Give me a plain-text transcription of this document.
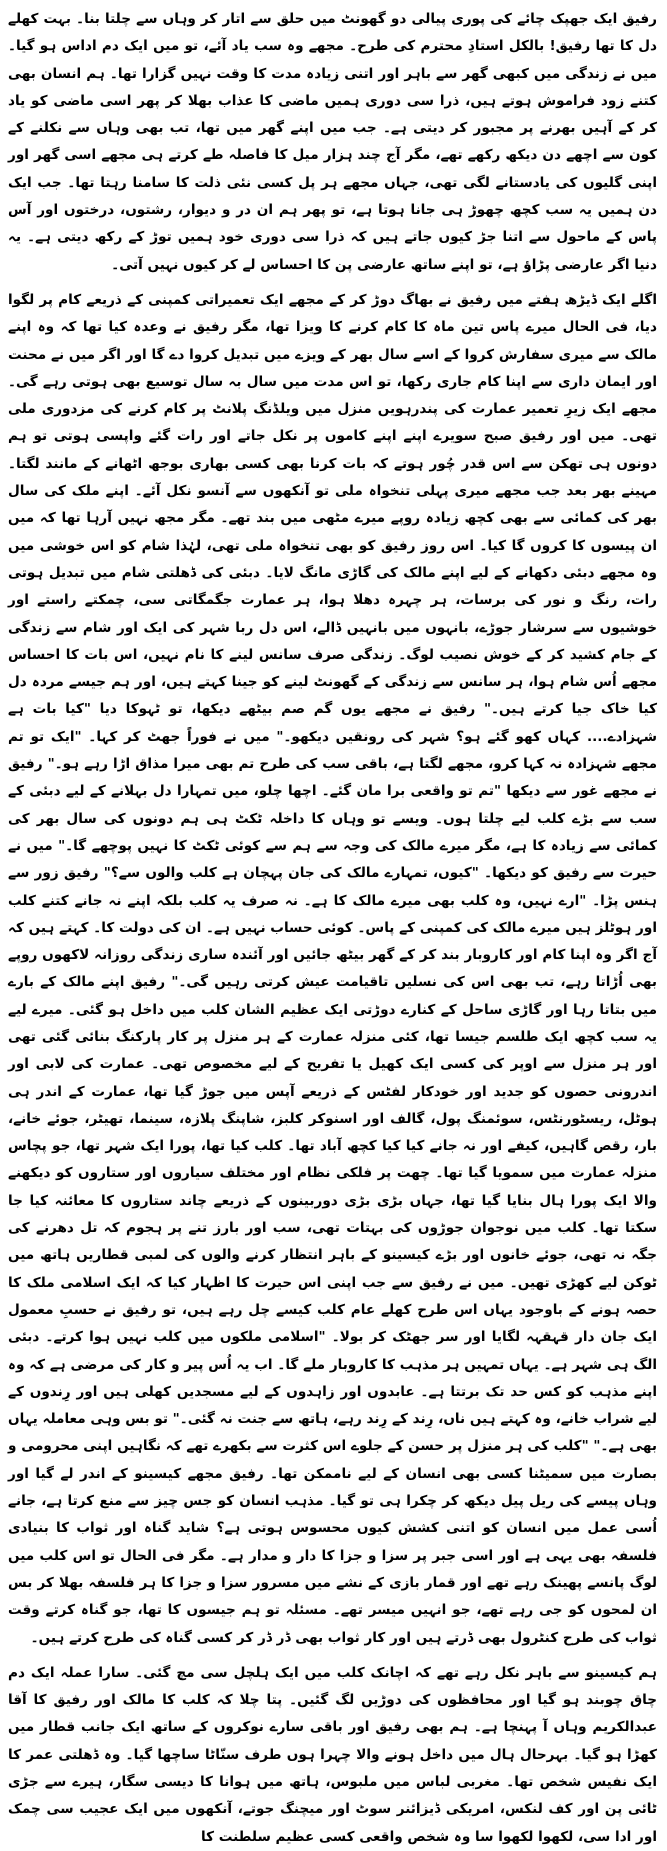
رفیق ایک جھپک چائے کی پوری پیالی دو گھونٹ میں حلق سے اتار کر وہاں سے چلتا بنا۔ بہت کھلے دل کا تھا رفیق! بالکل استادِ محترم کی طرح۔ مجھے وہ سب یاد آئے، تو میں ایک دم اداس ہو گیا۔ میں نے زندگی میں کبھی گھر سے باہر اور اتنی زیادہ مدت کا وقت نہیں گزارا تھا۔ ہم انسان بھی کتنے زود فراموش ہوتے ہیں، ذرا سی دوری ہمیں ماضی کا عذاب بھلا کر پھر اسی ماضی کو یاد کر کے آہیں بھرنے پر مجبور کر دیتی ہے۔ جب میں اپنے گھر میں تھا، تب بھی وہاں سے نکلنے کے کون سے اچھے دن دیکھ رکھے تھے، مگر آج چند ہزار میل کا فاصلہ طے کرتے ہی مجھے اسی گھر اور اپنی گلیوں کی یادستانے لگی تھی، جہاں مجھے ہر پل کسی نئی ذلت کا سامنا رہتا تھا۔ جب ایک دن ہمیں یہ سب کچھ چھوڑ ہی جانا ہوتا ہے، تو پھر ہم ان در و دیوار، رشتوں، درختوں اور آس پاس کے ماحول سے اتنا جڑ کیوں جاتے ہیں کہ ذرا سی دوری خود ہمیں توڑ کے رکھ دیتی ہے۔ یہ دنیا اگر عارضی پڑاؤ ہے، تو اپنے ساتھ عارضی پن کا احساس لے کر کیوں نہیں آتی۔

اگلے ایک ڈیڑھ ہفتے میں رفیق نے بھاگ دوڑ کر کے مجھے ایک تعمیراتی کمپنی کے ذریعے کام پر لگوا دیا، فی الحال میرے پاس تین ماہ کا کام کرنے کا ویزا تھا، مگر رفیق نے وعدہ کیا تھا کہ وہ اپنے مالک سے میری سفارش کروا کے اسے سال بھر کے ویزے میں تبدیل کروا دے گا اور اگر میں نے محنت اور ایمان داری سے اپنا کام جاری رکھا، تو اس مدت میں سال بہ سال توسیع بھی ہوتی رہے گی۔ مجھے ایک زیرِ تعمیر عمارت کی پندرہویں منزل میں ویلڈنگ پلانٹ پر کام کرنے کی مزدوری ملی تھی۔ میں اور رفیق صبح سویرے اپنے اپنے کاموں پر نکل جاتے اور رات گئے واپسی ہوتی تو ہم دونوں ہی تھکن سے اس قدر چُور ہوتے کہ بات کرنا بھی کسی بھاری بوجھ اٹھانے کے مانند لگتا۔ مہینے بھر بعد جب مجھے میری پہلی تنخواہ ملی تو آنکھوں سے آنسو نکل آئے۔ اپنے ملک کی سال بھر کی کمائی سے بھی کچھ زیادہ روپے میرے مٹھی میں بند تھے۔ مگر مجھ نہیں آرہا تھا کہ میں ان پیسوں کا کروں گا کیا۔ اس روز رفیق کو بھی تنخواہ ملی تھی، لہٰذا شام کو اس خوشی میں وہ مجھے دبئی دکھانے کے لیے اپنے مالک کی گاڑی مانگ لایا۔ دبئی کی ڈھلتی شام میں تبدیل ہوتی رات، رنگ و نور کی برسات، ہر چہرہ دھلا ہوا، ہر عمارت جگمگاتی سی، چمکتے راستے اور خوشیوں سے سرشار جوڑے، بانہوں میں بانہیں ڈالے، اس دل ربا شہر کی ایک اور شام سے زندگی کے جام کشید کر کے خوش نصیب لوگ۔ زندگی صرف سانس لینے کا نام نہیں، اس بات کا احساس مجھے اُس شام ہوا، ہر سانس سے زندگی کے گھونٹ لینے کو جینا کہتے ہیں، اور ہم جیسے مردہ دل کیا خاک جیا کرتے ہیں۔" رفیق نے مجھے یوں گم صم بیٹھے دیکھا، تو ٹہوکا دیا "کیا بات ہے شہزادے.... کہاں کھو گئے ہو؟ شہر کی رونقیں دیکھو۔" میں نے فوراً جھٹ کر کہا۔ "ایک تو تم مجھے شہزادہ نہ کہا کرو، مجھے لگتا ہے، باقی سب کی طرح تم بھی میرا مذاق اڑا رہے ہو۔" رفیق نے مجھے غور سے دیکھا "تم تو واقعی برا مان گئے۔ اچھا چلو، میں تمہارا دل بہلانے کے لیے دبئی کے سب سے بڑے کلب لیے چلتا ہوں۔ ویسے تو وہاں کا داخلہ ٹکٹ ہی ہم دونوں کی سال بھر کی کمائی سے زیادہ کا ہے، مگر میرے مالک کی وجہ سے ہم سے کوئی ٹکٹ کا نہیں پوچھے گا۔" میں نے حیرت سے رفیق کو دیکھا۔ "کیوں، تمہارے مالک کی جان پہچان ہے کلب والوں سے؟" رفیق زور سے ہنس پڑا۔ "ارے نہیں، وہ کلب بھی میرے مالک کا ہے۔ نہ صرف یہ کلب بلکہ اپنے نہ جانے کتنے کلب اور ہوٹلز ہیں میرے مالک کی کمپنی کے پاس۔ کوئی حساب نہیں ہے۔ ان کی دولت کا۔ کہتے ہیں کہ آج اگر وہ اپنا کام اور کاروبار بند کر کے گھر بیٹھ جائیں اور آئندہ ساری زندگی روزانہ لاکھوں روپے بھی اُڑاتا رہے، تب بھی اس کی نسلیں تاقیامت عیش کرتی رہیں گی۔" رفیق اپنے مالک کے بارے میں بتاتا رہا اور گاڑی ساحل کے کنارے دوڑتی ایک عظیم الشان کلب میں داخل ہو گئی۔ میرے لیے یہ سب کچھ ایک طلسم جیسا تھا، کئی منزلہ عمارت کے ہر منزل پر کار پارکنگ بنائی گئی تھی اور ہر منزل سے اوپر کی کسی ایک کھیل یا تفریح کے لیے مخصوص تھی۔ عمارت کی لابی اور اندرونی حصوں کو جدید اور خودکار لفٹس کے ذریعے آپس میں جوڑ گیا تھا، عمارت کے اندر ہی ہوٹل، ریسٹورنٹس، سوئمنگ پول، گالف اور اسنوکر کلبز، شاپنگ پلازہ، سینما، تھیٹر، جوئے خانے، بار، رقص گاہیں، کیفے اور نہ جانے کیا کیا کچھ آباد تھا۔ کلب کیا تھا، پورا ایک شہر تھا، جو پچاس منزلہ عمارت میں سمویا گیا تھا۔ چھت پر فلکی نظام اور مختلف سیاروں اور ستاروں کو دیکھنے والا ایک پورا ہال بنایا گیا تھا، جہاں بڑی بڑی دوربینوں کے ذریعے چاند ستاروں کا معائنہ کیا جا سکتا تھا۔ کلب میں نوجوان جوڑوں کی بہتات تھی، سب اور بارز تنے پر ہجوم کہ تل دھرنے کی جگہ نہ تھی، جوئے خانوں اور بڑے کیسینو کے باہر انتظار کرنے والوں کی لمبی قطاریں ہاتھ میں ٹوکن لیے کھڑی تھیں۔ میں نے رفیق سے جب اپنی اس حیرت کا اظہار کیا کہ ایک اسلامی ملک کا حصہ ہونے کے باوجود یہاں اس طرح کھلے عام کلب کیسے چل رہے ہیں، تو رفیق نے حسبِ معمول ایک جان دار قہقہہ لگایا اور سر جھٹک کر بولا۔ "اسلامی ملکوں میں کلب نہیں ہوا کرتے۔ دبئی الگ ہی شہر ہے۔ یہاں تمہیں ہر مذہب کا کاروبار ملے گا۔ اب یہ اُس پیر و کار کی مرضی ہے کہ وہ اپنے مذہب کو کس حد تک برتتا ہے۔ عابدوں اور زاہدوں کے لیے مسجدیں کھلی ہیں اور رِندوں کے لیے شراب خانے، وہ کہتے ہیں ناں، رِند کے رِند رہے، ہاتھ سے جنت نہ گئی۔" تو بس وہی معاملہ یہاں بھی ہے۔" "کلب کی ہر منزل پر حسن کے جلوے اس کثرت سے بکھرے تھے کہ نگاہیں اپنی محرومی و بصارت میں سمیٹنا کسی بھی انسان کے لیے ناممکن تھا۔ رفیق مجھے کیسینو کے اندر لے گیا اور وہاں پیسے کی ریل پیل دیکھ کر چکرا ہی تو گیا۔ مذہب انسان کو جس چیز سے منع کرتا ہے، جانے اُسی عمل میں انسان کو اتنی کشش کیوں محسوس ہوتی ہے؟ شاید گناہ اور ثواب کا بنیادی فلسفہ بھی یہی ہے اور اسی جبر پر سزا و جزا کا دار و مدار ہے۔ مگر فی الحال تو اس کلب میں لوگ پانسے پھینک رہے تھے اور قمار بازی کے نشے میں مسرور سزا و جزا کا ہر فلسفہ بھلا کر بس ان لمحوں کو جی رہے تھے، جو انہیں میسر تھے۔ مسئلہ تو ہم جیسوں کا تھا، جو گناہ کرتے وقت ثواب کی طرح کنٹرول بھی ڈرتے ہیں اور کار ثواب بھی ڈر ڈر کر کسی گناہ کی طرح کرتے ہیں۔

ہم کیسینو سے باہر نکل رہے تھے کہ اچانک کلب میں ایک ہلچل سی مچ گئی۔ سارا عملہ ایک دم چاق چوبند ہو گیا اور محافظوں کی دوڑیں لگ گئیں۔ پتا چلا کہ کلب کا مالک اور رفیق کا آقا عبدالکریم وہاں آ پہنچا ہے۔ ہم بھی رفیق اور باقی سارے نوکروں کے ساتھ ایک جانب قطار میں کھڑا ہو گیا۔ بہرحال ہال میں داخل ہونے والا چہرا ہوں طرف سنّاٹا ساچھا گیا۔ وہ ڈھلتی عمر کا ایک نفیس شخص تھا۔ مغربی لباس میں ملبوس، ہاتھ میں ہوانا کا دیسی سگار، ہیرے سے جڑی ٹائی پن اور کف لنکس، امریکی ڈیزائنر سوٹ اور میچنگ جوتے، آنکھوں میں ایک عجیب سی چمک اور ادا سی، لکھوا لکھوا سا وہ شخص واقعی کسی عظیم سلطنت کا
